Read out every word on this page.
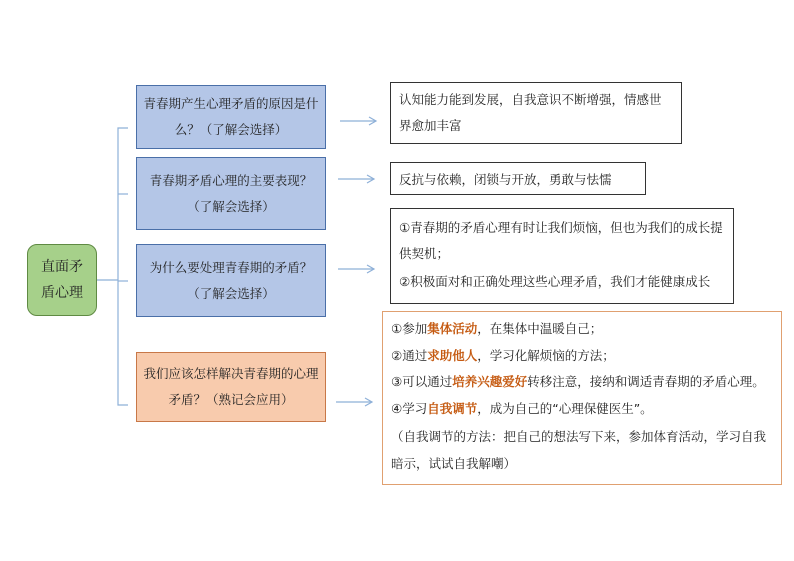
直面矛盾心理
青春期产生心理矛盾的原因是什么？（了解会选择）
青春期矛盾心理的主要表现？（了解会选择）
为什么要处理青春期的矛盾？（了解会选择）
我们应该怎样解决青春期的心理矛盾？（熟记会应用）
认知能力能到发展，自我意识不断增强，情感世界愈加丰富
反抗与依赖，闭锁与开放，勇敢与怯懦
①青春期的矛盾心理有时让我们烦恼，但也为我们的成长提供契机；
②积极面对和正确处理这些心理矛盾，我们才能健康成长
①参加集体活动，在集体中温暖自己；
②通过求助他人，学习化解烦恼的方法；
③可以通过培养兴趣爱好转移注意，接纳和调适青春期的矛盾心理。
④学习自我调节，成为自己的“心理保健医生”。
（自我调节的方法：把自己的想法写下来，参加体育活动，学习自我暗示，试试自我解嘲）
